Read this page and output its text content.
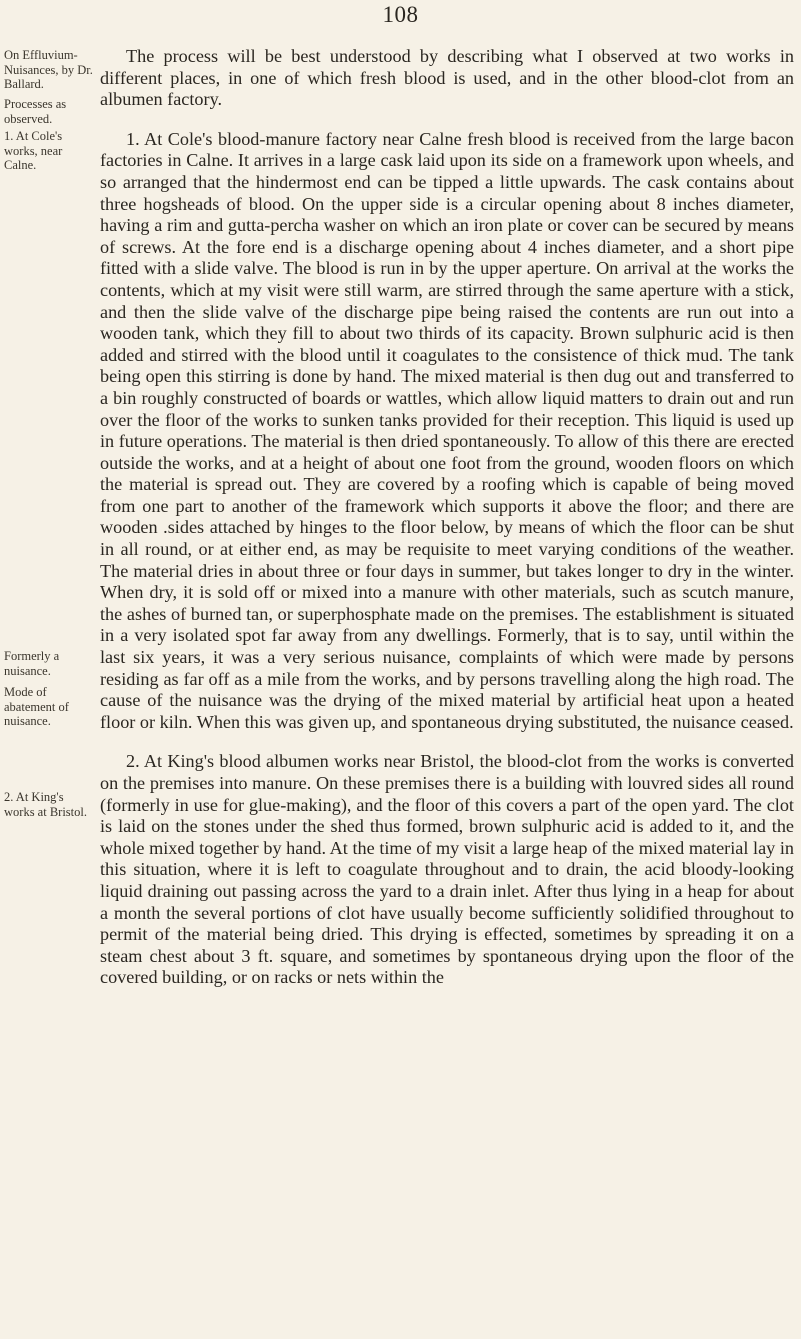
108
On Effluvium-Nuisances, by Dr. Ballard.
Processes as observed.
1. At Cole's works, near Calne.
Formerly a nuisance.
Mode of abatement of nuisance.
2. At King's works at Bristol.

The process will be best understood by describing what I observed at two works in different places, in one of which fresh blood is used, and in the other blood-clot from an albumen factory.

1. At Cole's blood-manure factory near Calne fresh blood is received from the large bacon factories in Calne. It arrives in a large cask laid upon its side on a framework upon wheels, and so arranged that the hindermost end can be tipped a little upwards. The cask contains about three hogsheads of blood. On the upper side is a circular opening about 8 inches diameter, having a rim and gutta-percha washer on which an iron plate or cover can be secured by means of screws. At the fore end is a discharge opening about 4 inches diameter, and a short pipe fitted with a slide valve. The blood is run in by the upper aperture. On arrival at the works the contents, which at my visit were still warm, are stirred through the same aperture with a stick, and then the slide valve of the discharge pipe being raised the contents are run out into a wooden tank, which they fill to about two thirds of its capacity. Brown sulphuric acid is then added and stirred with the blood until it coagulates to the consistence of thick mud. The tank being open this stirring is done by hand. The mixed material is then dug out and transferred to a bin roughly constructed of boards or wattles, which allow liquid matters to drain out and run over the floor of the works to sunken tanks provided for their reception. This liquid is used up in future operations. The material is then dried spontaneously. To allow of this there are erected outside the works, and at a height of about one foot from the ground, wooden floors on which the material is spread out. They are covered by a roofing which is capable of being moved from one part to another of the framework which supports it above the floor; and there are wooden .sides attached by hinges to the floor below, by means of which the floor can be shut in all round, or at either end, as may be requisite to meet varying conditions of the weather. The material dries in about three or four days in summer, but takes longer to dry in the winter. When dry, it is sold off or mixed into a manure with other materials, such as scutch manure, the ashes of burned tan, or superphosphate made on the premises. The establishment is situated in a very isolated spot far away from any dwellings. Formerly, that is to say, until within the last six years, it was a very serious nuisance, complaints of which were made by persons residing as far off as a mile from the works, and by persons travelling along the high road. The cause of the nuisance was the drying of the mixed material by artificial heat upon a heated floor or kiln. When this was given up, and spontaneous drying substituted, the nuisance ceased.

2. At King's blood albumen works near Bristol, the blood-clot from the works is converted on the premises into manure. On these premises there is a building with louvred sides all round (formerly in use for glue-making), and the floor of this covers a part of the open yard. The clot is laid on the stones under the shed thus formed, brown sulphuric acid is added to it, and the whole mixed together by hand. At the time of my visit a large heap of the mixed material lay in this situation, where it is left to coagulate throughout and to drain, the acid bloody-looking liquid draining out passing across the yard to a drain inlet. After thus lying in a heap for about a month the several portions of clot have usually become sufficiently solidified throughout to permit of the material being dried. This drying is effected, sometimes by spreading it on a steam chest about 3 ft. square, and sometimes by spontaneous drying upon the floor of the covered building, or on racks or nets within the
